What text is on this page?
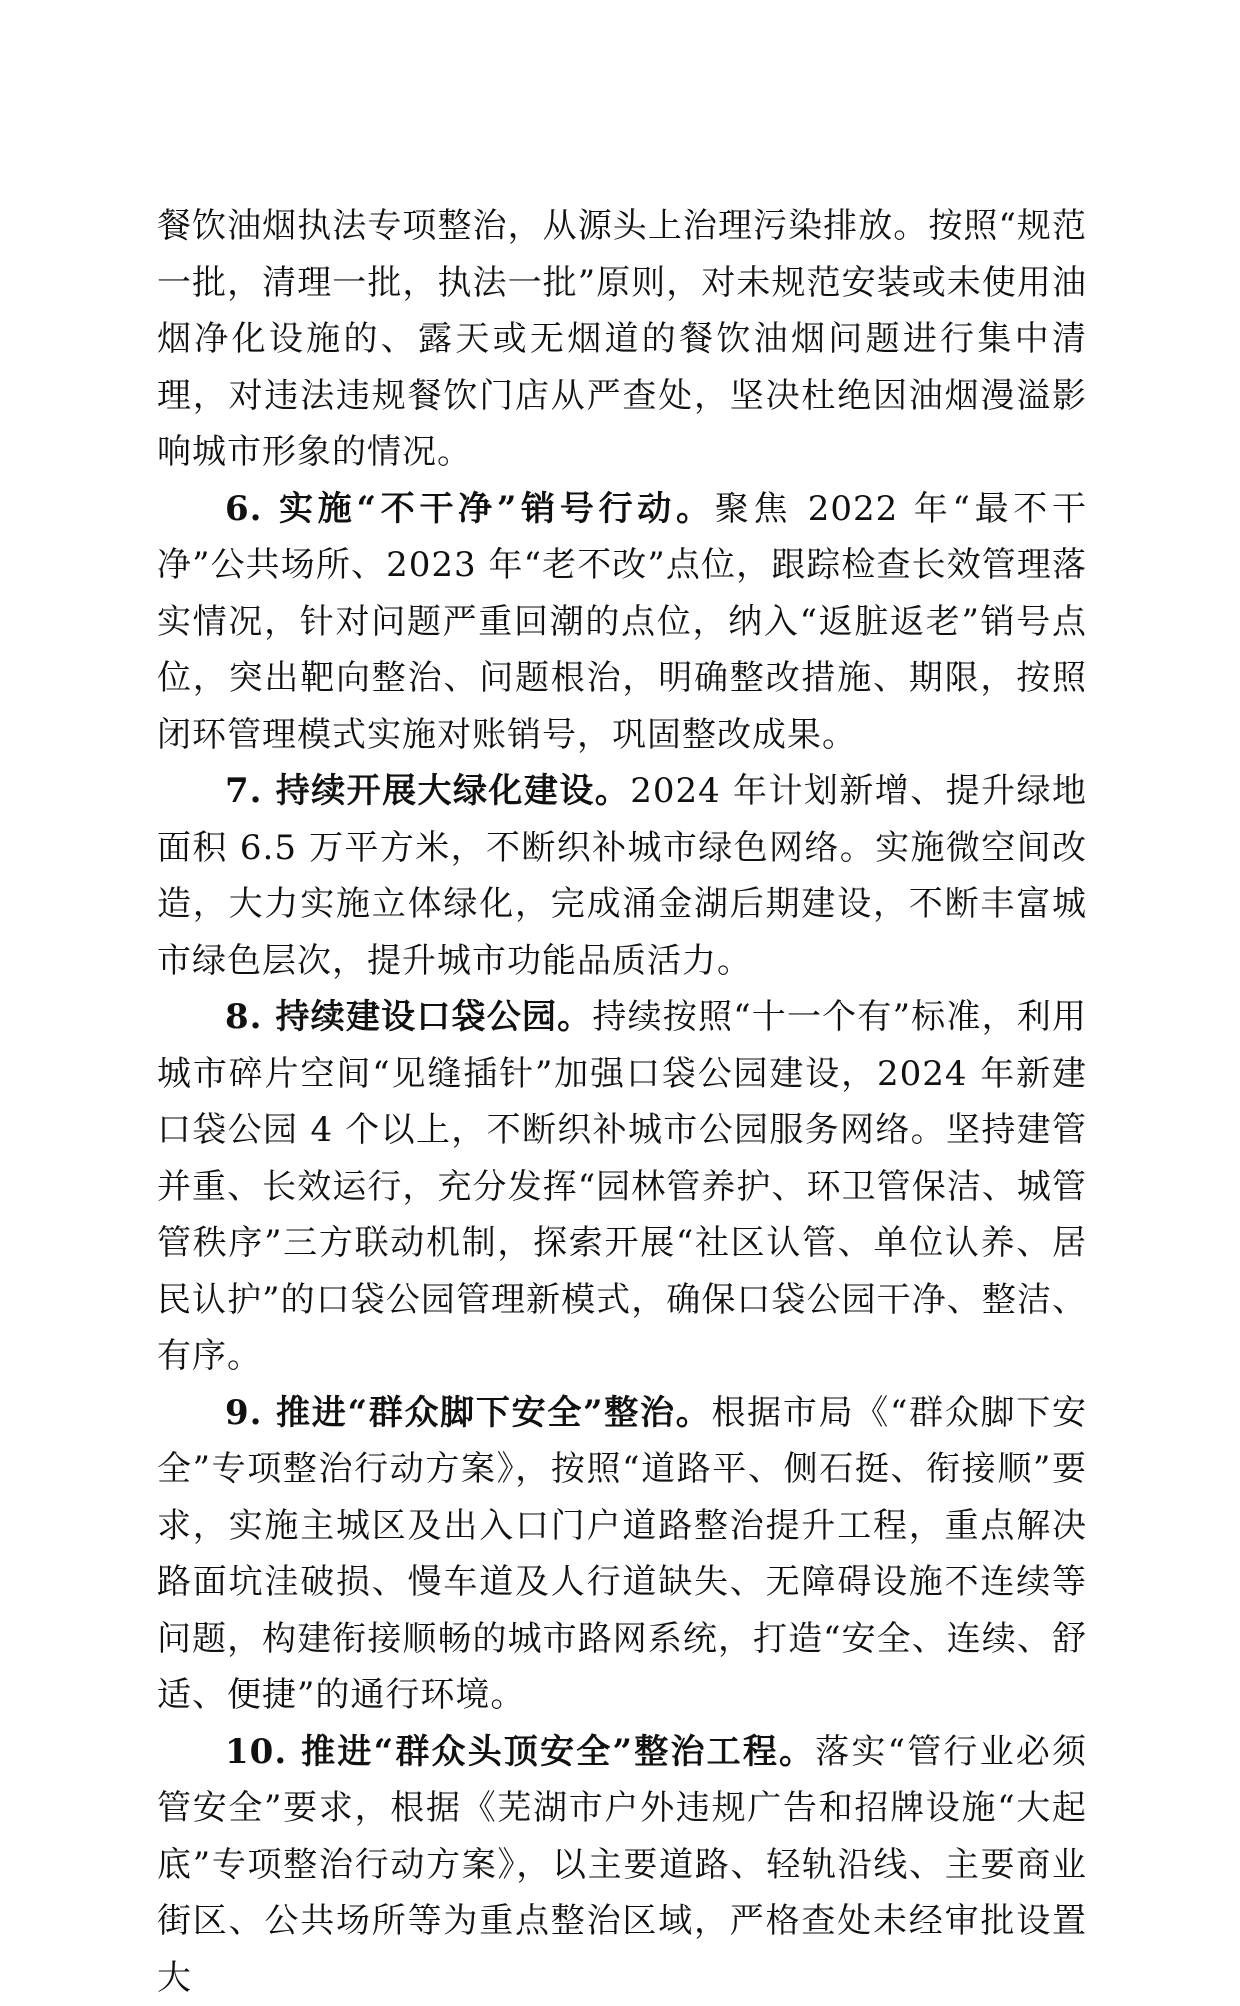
餐饮油烟执法专项整治，从源头上治理污染排放。按照“规范一批，清理一批，执法一批”原则，对未规范安装或未使用油烟净化设施的、露天或无烟道的餐饮油烟问题进行集中清理，对违法违规餐饮门店从严查处，坚决杜绝因油烟漫溢影响城市形象的情况。

6. 实施“不干净”销号行动。聚焦 2022 年“最不干净”公共场所、2023 年“老不改”点位，跟踪检查长效管理落实情况，针对问题严重回潮的点位，纳入“返脏返老”销号点位，突出靶向整治、问题根治，明确整改措施、期限，按照闭环管理模式实施对账销号，巩固整改成果。

7. 持续开展大绿化建设。2024 年计划新增、提升绿地面积 6.5 万平方米，不断织补城市绿色网络。实施微空间改造，大力实施立体绿化，完成涌金湖后期建设，不断丰富城市绿色层次，提升城市功能品质活力。

8. 持续建设口袋公园。持续按照“十一个有”标准，利用城市碎片空间“见缝插针”加强口袋公园建设，2024 年新建口袋公园 4 个以上，不断织补城市公园服务网络。坚持建管并重、长效运行，充分发挥“园林管养护、环卫管保洁、城管管秩序”三方联动机制，探索开展“社区认管、单位认养、居民认护”的口袋公园管理新模式，确保口袋公园干净、整洁、有序。

9. 推进“群众脚下安全”整治。根据市局《“群众脚下安全”专项整治行动方案》，按照“道路平、侧石挺、衔接顺”要求，实施主城区及出入口门户道路整治提升工程，重点解决路面坑洼破损、慢车道及人行道缺失、无障碍设施不连续等问题，构建衔接顺畅的城市路网系统，打造“安全、连续、舒适、便捷”的通行环境。

10. 推进“群众头顶安全”整治工程。落实“管行业必须管安全”要求，根据《芜湖市户外违规广告和招牌设施“大起底”专项整治行动方案》，以主要道路、轻轨沿线、主要商业街区、公共场所等为重点整治区域，严格查处未经审批设置大
